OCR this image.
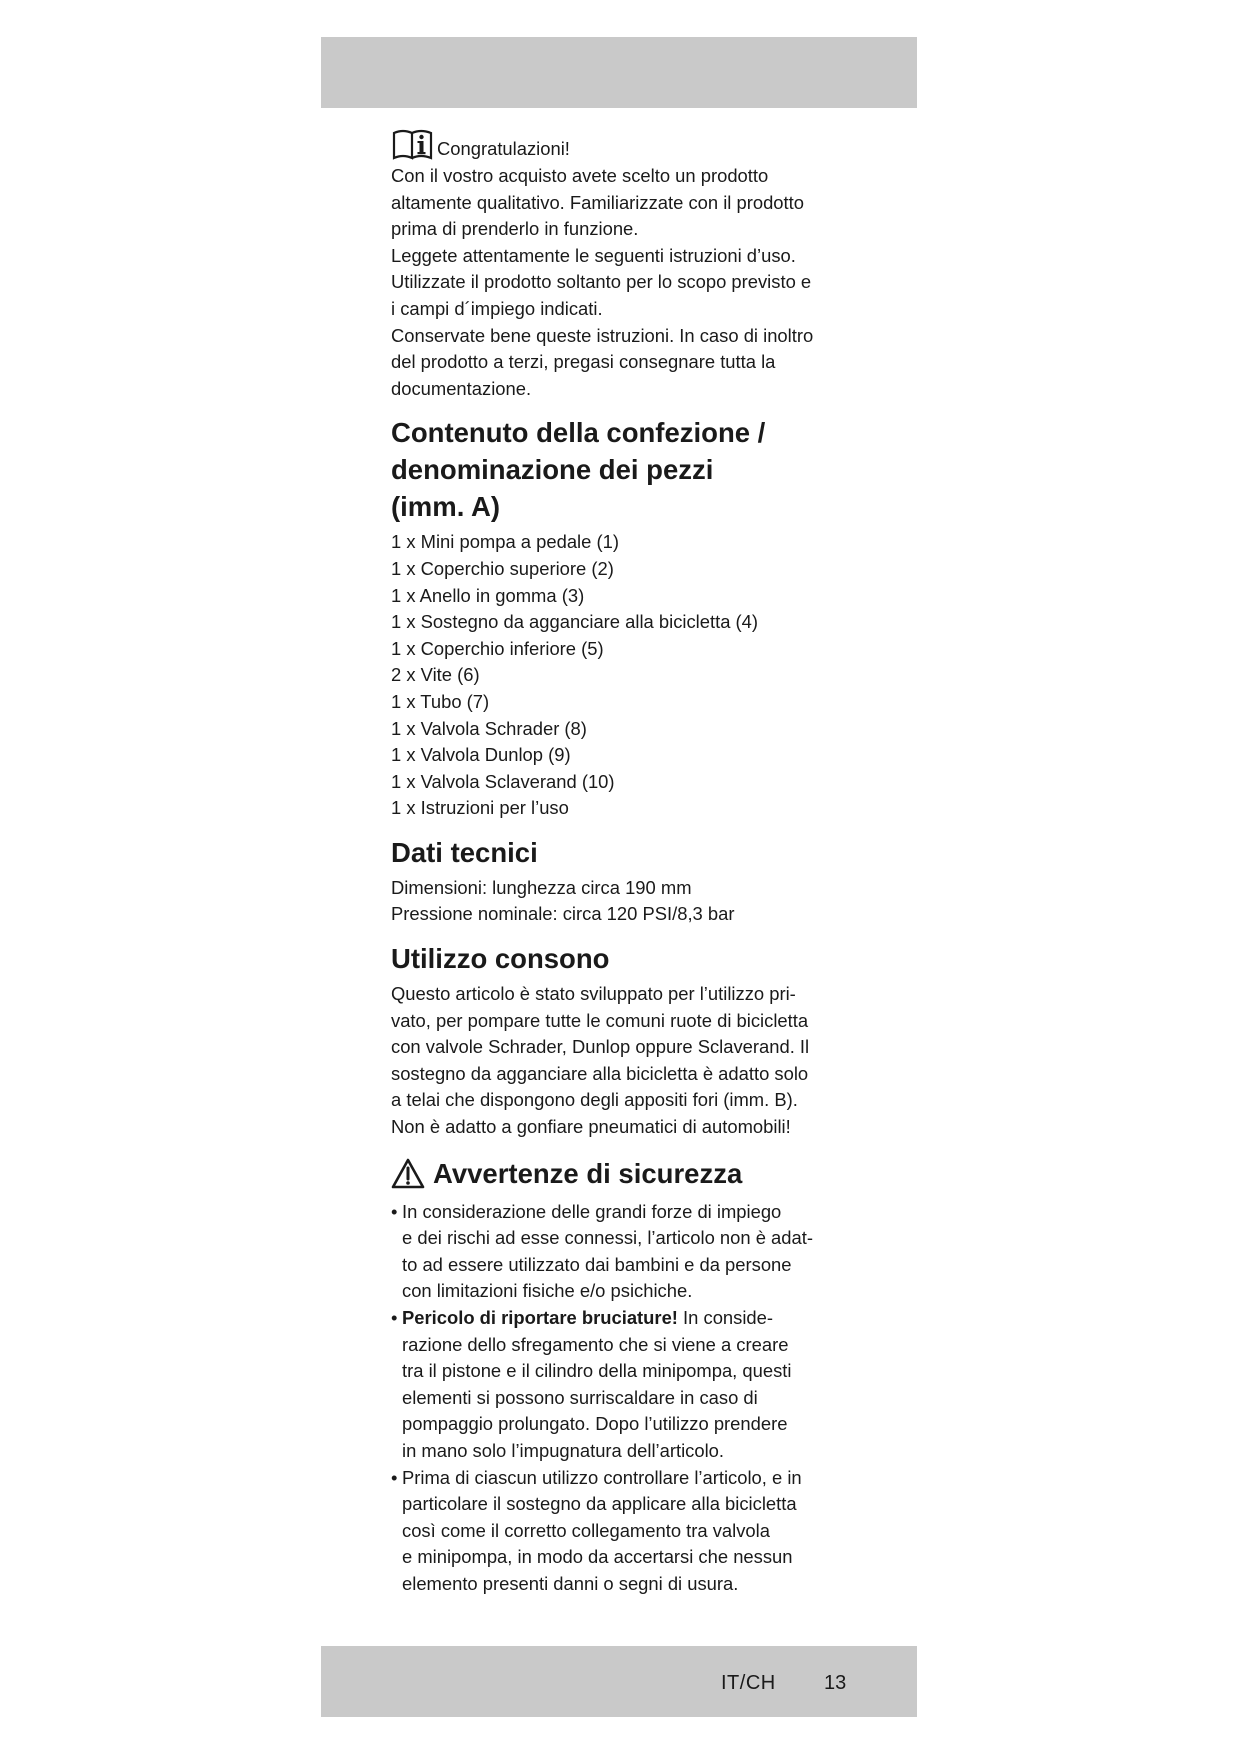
Congratulazioni!
Con il vostro acquisto avete scelto un prodotto
altamente qualitativo. Familiarizzate con il prodotto
prima di prenderlo in funzione.
Leggete attentamente le seguenti istruzioni d’uso.
Utilizzate il prodotto soltanto per lo scopo previsto e
i campi d´impiego indicati.
Conservate bene queste istruzioni. In caso di inoltro
del prodotto a terzi, pregasi consegnare tutta la
documentazione.
Contenuto della confezione /
denominazione dei pezzi
(imm. A)
1 x Mini pompa a pedale (1)
1 x Coperchio superiore (2)
1 x Anello in gomma (3)
1 x Sostegno da agganciare alla bicicletta (4)
1 x Coperchio inferiore (5)
2 x Vite (6)
1 x Tubo (7)
1 x Valvola Schrader (8)
1 x Valvola Dunlop (9)
1 x Valvola Sclaverand (10)
1 x Istruzioni per l’uso
Dati tecnici
Dimensioni: lunghezza circa 190 mm
Pressione nominale: circa 120 PSI/8,3 bar
Utilizzo consono
Questo articolo è stato sviluppato per l’utilizzo pri-
vato, per pompare tutte le comuni ruote di bicicletta
con valvole Schrader, Dunlop oppure Sclaverand. Il
sostegno da agganciare alla bicicletta è adatto solo
a telai che dispongono degli appositi fori (imm. B).
Non è adatto a gonfiare pneumatici di automobili!
Avvertenze di sicurezza
• In considerazione delle grandi forze di impiego
e dei rischi ad esse connessi, l’articolo non è adat-
to ad essere utilizzato dai bambini e da persone
con limitazioni fisiche e/o psichiche.
• Pericolo di riportare bruciature! In conside-
razione dello sfregamento che si viene a creare
tra il pistone e il cilindro della minipompa, questi
elementi si possono surriscaldare in caso di
pompaggio prolungato. Dopo l’utilizzo prendere
in mano solo l’impugnatura dell’articolo.
• Prima di ciascun utilizzo controllare l’articolo, e in
particolare il sostegno da applicare alla bicicletta
così come il corretto collegamento tra valvola
e minipompa, in modo da accertarsi che nessun
elemento presenti danni o segni di usura.
IT/CH 13
